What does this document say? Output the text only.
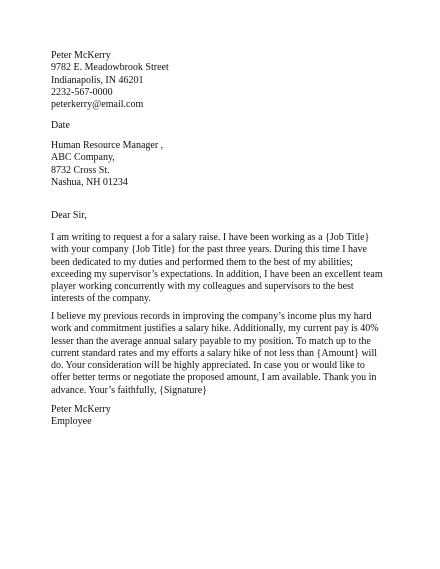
Peter McKerry
9782 E. Meadowbrook Street
Indianapolis, IN 46201
2232-567-0000
peterkerry@email.com
Date
Human Resource Manager ,
ABC Company,
8732 Cross St.
Nashua, NH 01234
Dear Sir,
I am writing to request a for a salary raise. I have been working as a {Job Title}
with your company {Job Title} for the past three years. During this time I have
been dedicated to my duties and performed them to the best of my abilities;
exceeding my supervisor’s expectations. In addition, I have been an excellent team
player working concurrently with my colleagues and supervisors to the best
interests of the company.
I believe my previous records in improving the company’s income plus my hard
work and commitment justifies a salary hike. Additionally, my current pay is 40%
lesser than the average annual salary payable to my position. To match up to the
current standard rates and my efforts a salary hike of not less than {Amount} will
do. Your consideration will be highly appreciated. In case you or would like to
offer better terms or negotiate the proposed amount, I am available. Thank you in
advance. Your’s faithfully, {Signature}
Peter McKerry
Employee
